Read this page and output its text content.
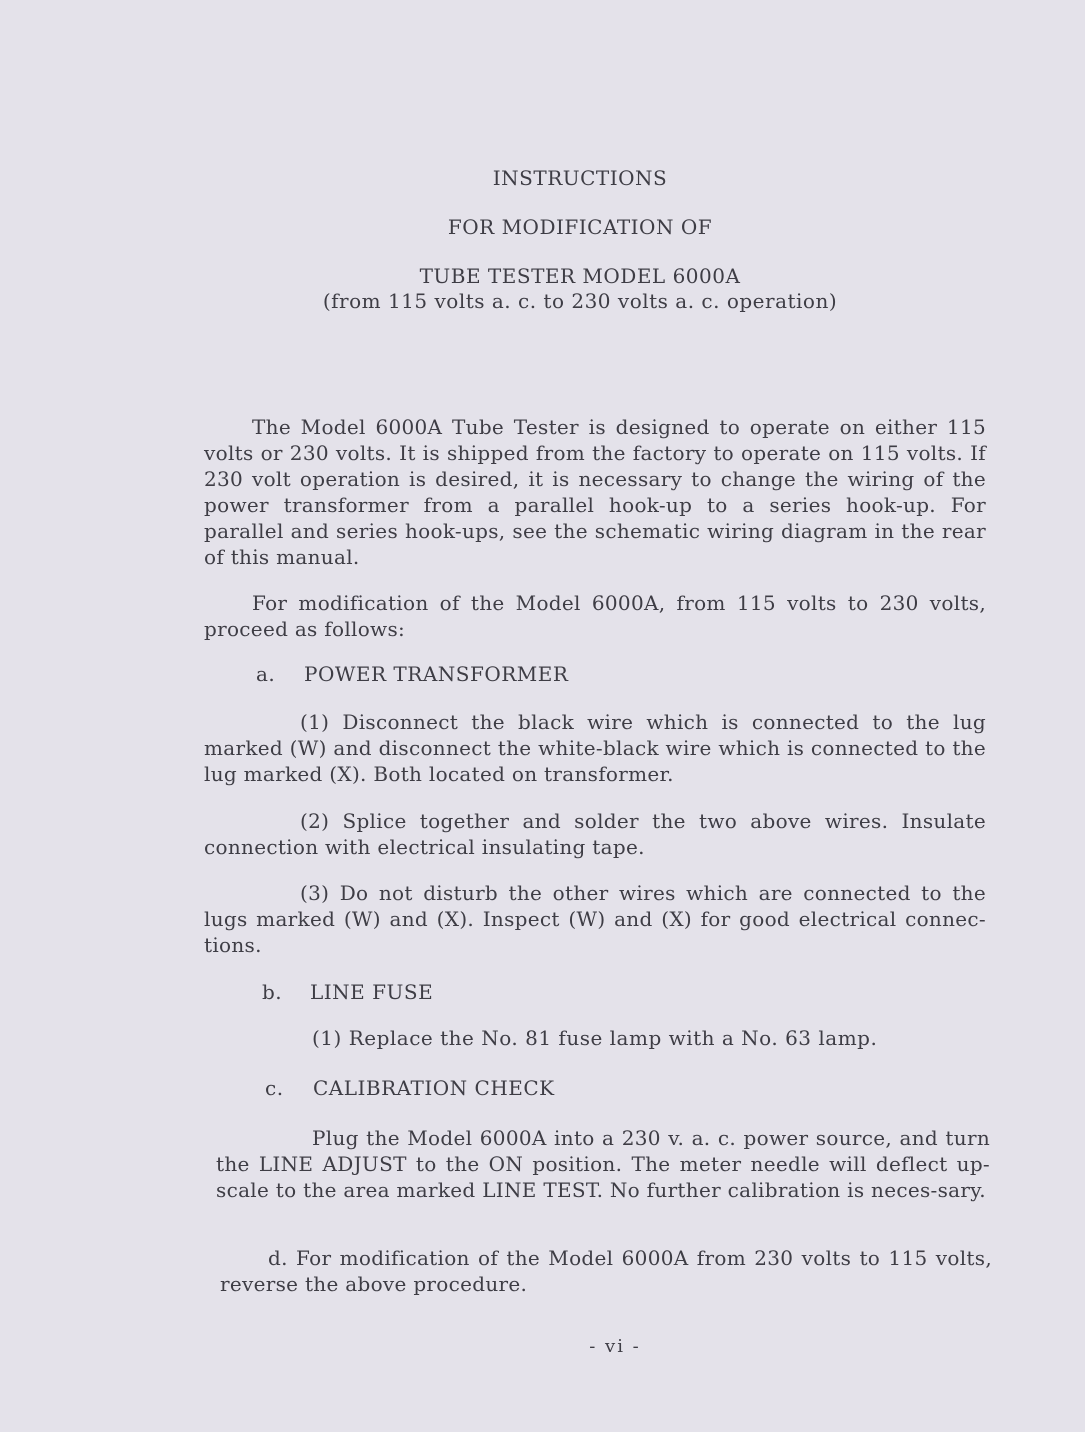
INSTRUCTIONS
FOR MODIFICATION OF
TUBE TESTER MODEL 6000A
(from 115 volts a. c. to 230 volts a. c. operation)
The Model 6000A Tube Tester is designed to operate on either 115 volts or 230 volts. It is shipped from the factory to operate on 115 volts. If 230 volt operation is desired, it is necessary to change the wiring of the power transformer from a parallel hook-up to a series hook-up. For parallel and series hook-ups, see the schematic wiring diagram in the rear of this manual.
For modification of the Model 6000A, from 115 volts to 230 volts, proceed as follows:
a. POWER TRANSFORMER
(1) Disconnect the black wire which is connected to the lug marked (W) and disconnect the white-black wire which is connected to the lug marked (X). Both located on transformer.
(2) Splice together and solder the two above wires. Insulate connection with electrical insulating tape.
(3) Do not disturb the other wires which are connected to the lugs marked (W) and (X). Inspect (W) and (X) for good electrical connec-tions.
b. LINE FUSE
(1) Replace the No. 81 fuse lamp with a No. 63 lamp.
c. CALIBRATION CHECK
Plug the Model 6000A into a 230 v. a. c. power source, and turn the LINE ADJUST to the ON position. The meter needle will deflect up-scale to the area marked LINE TEST. No further calibration is neces-sary.
d. For modification of the Model 6000A from 230 volts to 115 volts, reverse the above procedure.
- vi -
